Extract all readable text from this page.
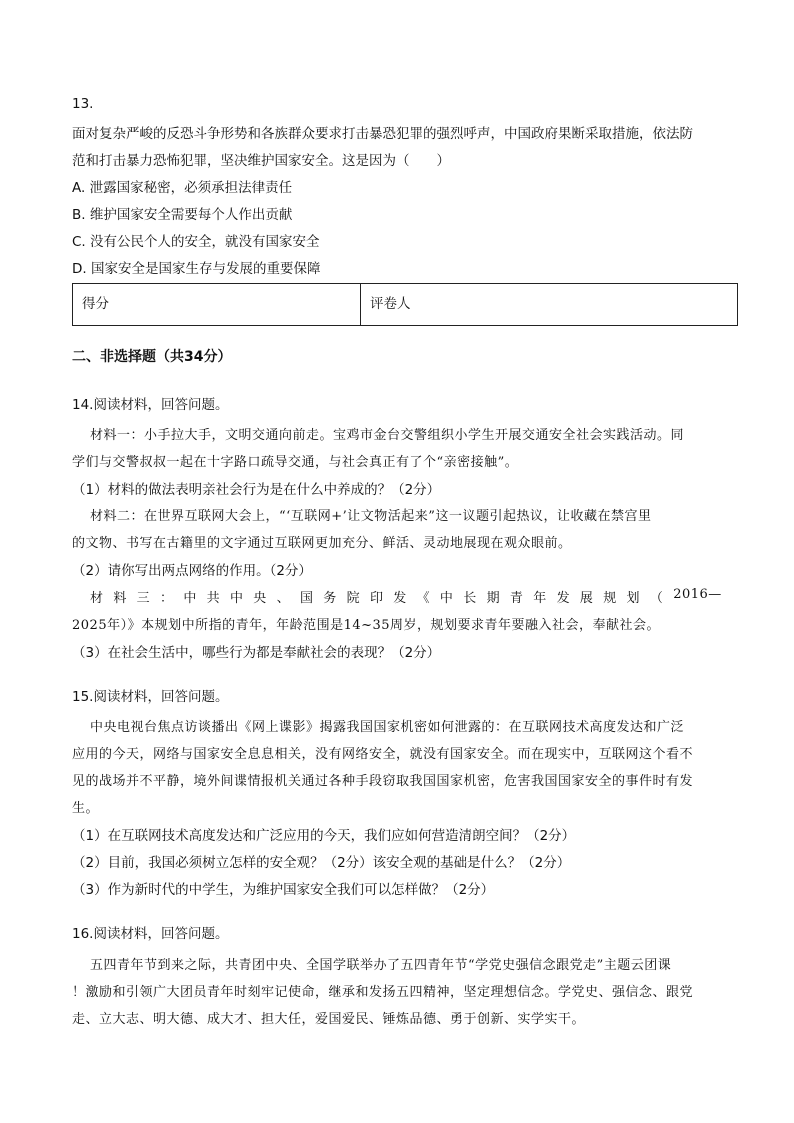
13.
面对复杂严峻的反恐斗争形势和各族群众要求打击暴恐犯罪的强烈呼声，中国政府果断采取措施，依法防
范和打击暴力恐怖犯罪，坚决维护国家安全。这是因为（　　）
A. 泄露国家秘密，必须承担法律责任
B. 维护国家安全需要每个人作出贡献
C. 没有公民个人的安全，就没有国家安全
D. 国家安全是国家生存与发展的重要保障
得分	评卷人
二、非选择题（共34分）
14.阅读材料，回答问题。
材料一：小手拉大手，文明交通向前走。宝鸡市金台交警组织小学生开展交通安全社会实践活动。同
学们与交警叔叔一起在十字路口疏导交通，与社会真正有了个“亲密接触”。
（1）材料的做法表明亲社会行为是在什么中养成的？（2分）
材料二：在世界互联网大会上，“‘互联网+’让文物活起来”这一议题引起热议，让收藏在禁宫里
的文物、书写在古籍里的文字通过互联网更加充分、鲜活、灵动地展现在观众眼前。
（2）请你写出两点网络的作用。（2分）
材 料 三 ： 中 共 中 央 、 国 务 院 印 发 《 中 长 期 青 年 发 展 规 划 （ 2016—
2025年）》本规划中所指的青年，年龄范围是14~35周岁，规划要求青年要融入社会，奉献社会。
（3）在社会生活中，哪些行为都是奉献社会的表现？（2分）
15.阅读材料，回答问题。
中央电视台焦点访谈播出《网上谍影》揭露我国国家机密如何泄露的：在互联网技术高度发达和广泛
应用的今天，网络与国家安全息息相关，没有网络安全，就没有国家安全。而在现实中，互联网这个看不
见的战场并不平静，境外间谍情报机关通过各种手段窃取我国国家机密，危害我国国家安全的事件时有发
生。
（1）在互联网技术高度发达和广泛应用的今天，我们应如何营造清朗空间？（2分）
（2）目前，我国必须树立怎样的安全观？（2分）该安全观的基础是什么？（2分）
（3）作为新时代的中学生，为维护国家安全我们可以怎样做？（2分）
16.阅读材料，回答问题。
五四青年节到来之际，共青团中央、全国学联举办了五四青年节“学党史强信念跟党走”主题云团课
！激励和引领广大团员青年时刻牢记使命，继承和发扬五四精神，坚定理想信念。学党史、强信念、跟党
走、立大志、明大德、成大才、担大任，爱国爱民、锤炼品德、勇于创新、实学实干。
